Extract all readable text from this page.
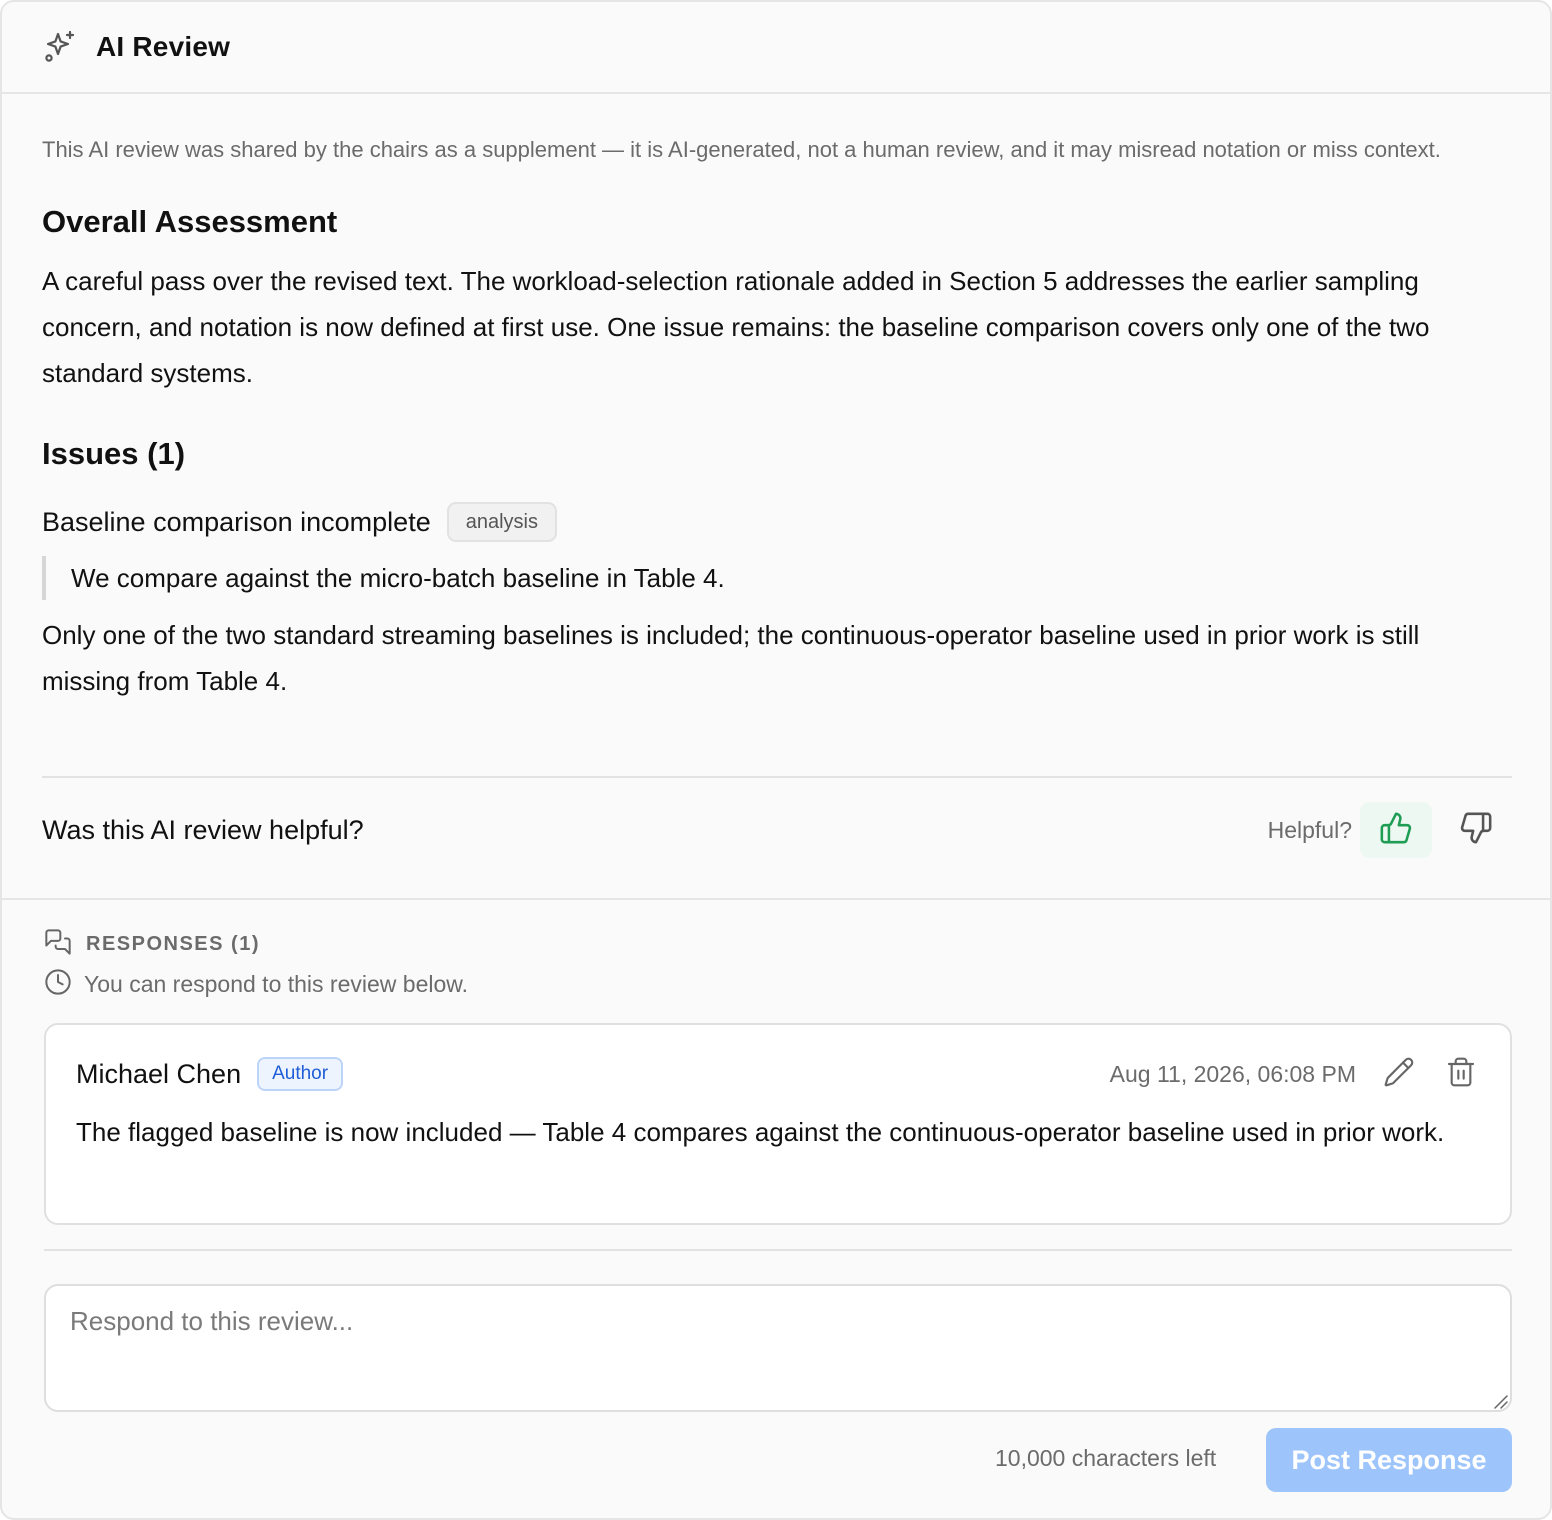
AI Review

This AI review was shared by the chairs as a supplement — it is AI-generated, not a human review, and it may misread notation or miss context.

Overall Assessment

A careful pass over the revised text. The workload-selection rationale added in Section 5 addresses the earlier sampling concern, and notation is now defined at first use. One issue remains: the baseline comparison covers only one of the two standard systems.

Issues (1)
Baseline comparison incomplete	analysis
We compare against the micro-batch baseline in Table 4.

Only one of the two standard streaming baselines is included; the continuous-operator baseline used in prior work is still missing from Table 4.

Was this AI review helpful?	Helpful?
RESPONSES (1)
You can respond to this review below.
Michael Chen	Author	Aug 11, 2026, 06:08 PM

The flagged baseline is now included — Table 4 compares against the continuous-operator baseline used in prior work.

Respond to this review...
10,000 characters left	Post Response
